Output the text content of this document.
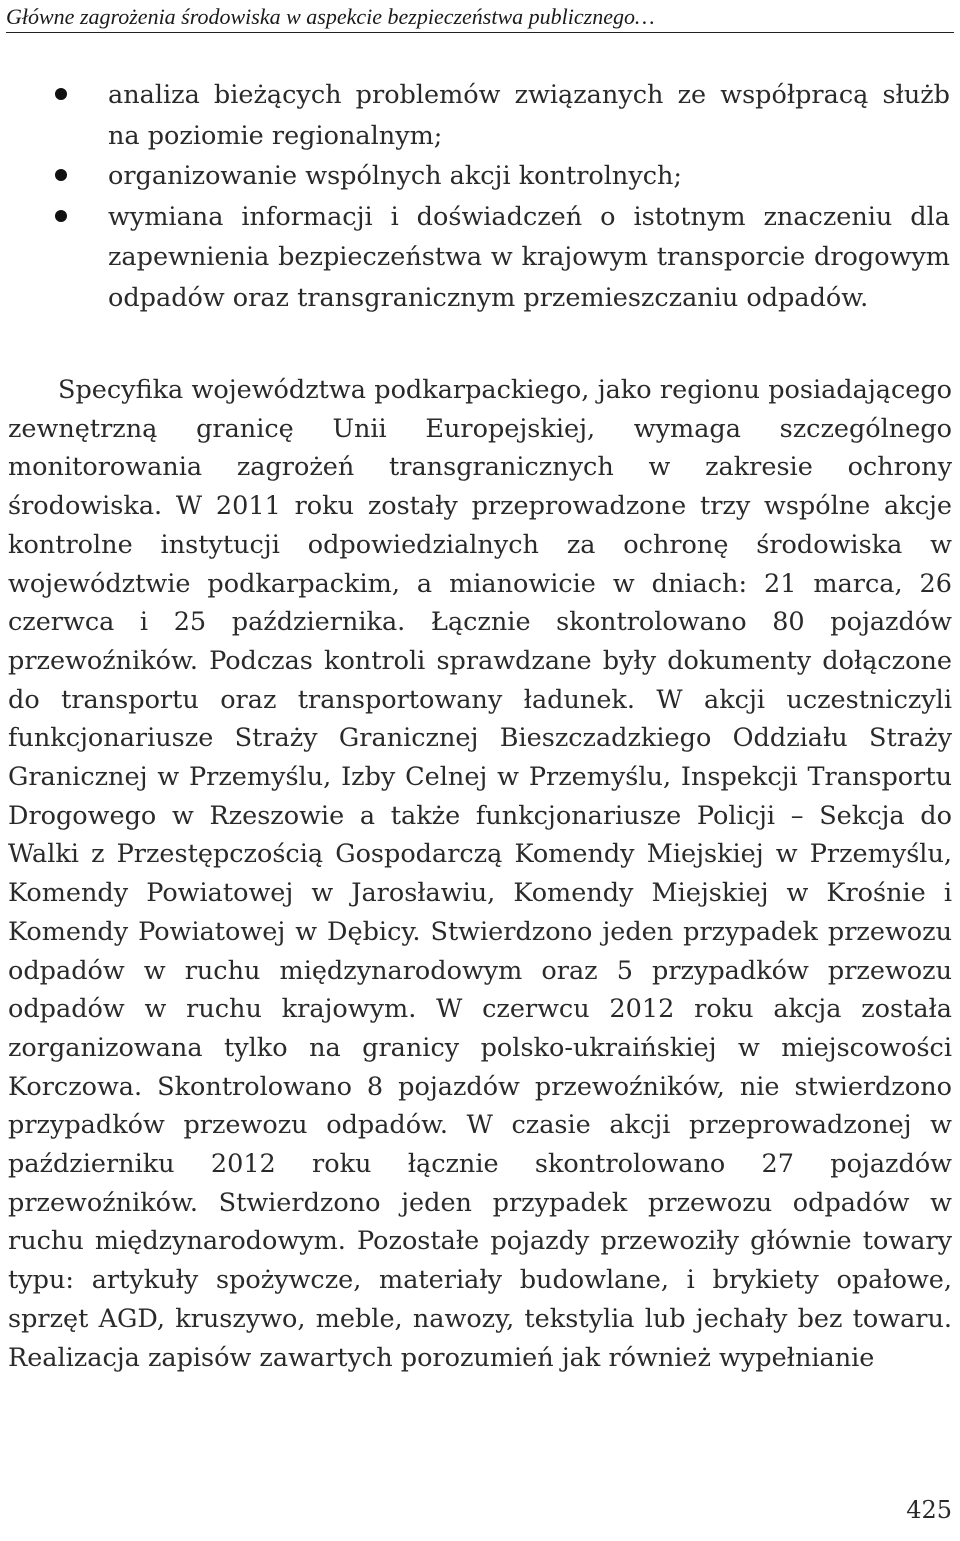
Główne zagrożenia środowiska w aspekcie bezpieczeństwa publicznego…
analiza bieżących problemów związanych ze współpracą służb na poziomie regionalnym;
organizowanie wspólnych akcji kontrolnych;
wymiana informacji i doświadczeń o istotnym znaczeniu dla zapewnienia bezpieczeństwa w krajowym transporcie drogowym odpadów oraz transgranicznym przemieszczaniu odpadów.

Specyfika województwa podkarpackiego, jako regionu posiadającego zewnętrzną granicę Unii Europejskiej, wymaga szczególnego monitorowania zagrożeń transgranicznych w zakresie ochrony środowiska. W 2011 roku zostały przeprowadzone trzy wspólne akcje kontrolne instytucji odpowiedzialnych za ochronę środowiska w województwie podkarpackim, a mianowicie w dniach: 21 marca, 26 czerwca i 25 października. Łącznie skontrolowano 80 pojazdów przewoźników. Podczas kontroli sprawdzane były dokumenty dołączone do transportu oraz transportowany ładunek. W akcji uczestniczyli funkcjonariusze Straży Granicznej Bieszczadzkiego Oddziału Straży Granicznej w Przemyślu, Izby Celnej w Przemyślu, Inspekcji Transportu Drogowego w Rzeszowie a także funkcjonariusze Policji – Sekcja do Walki z Przestępczością Gospodarczą Komendy Miejskiej w Przemyślu, Komendy Powiatowej w Jarosławiu, Komendy Miejskiej w Krośnie i Komendy Powiatowej w Dębicy. Stwierdzono jeden przypadek przewozu odpadów w ruchu międzynarodowym oraz 5 przypadków przewozu odpadów w ruchu krajowym. W czerwcu 2012 roku akcja została zorganizowana tylko na granicy polsko-ukraińskiej w miejscowości Korczowa. Skontrolowano 8 pojazdów przewoźników, nie stwierdzono przypadków przewozu odpadów. W czasie akcji przeprowadzonej w październiku 2012 roku łącznie skontrolowano 27 pojazdów przewoźników. Stwierdzono jeden przypadek przewozu odpadów w ruchu międzynarodowym. Pozostałe pojazdy przewoziły głównie towary typu: artykuły spożywcze, materiały budowlane, i brykiety opałowe, sprzęt AGD, kruszywo, meble, nawozy, tekstylia lub jechały bez towaru. Realizacja zapisów zawartych porozumień jak również wypełnianie

425
